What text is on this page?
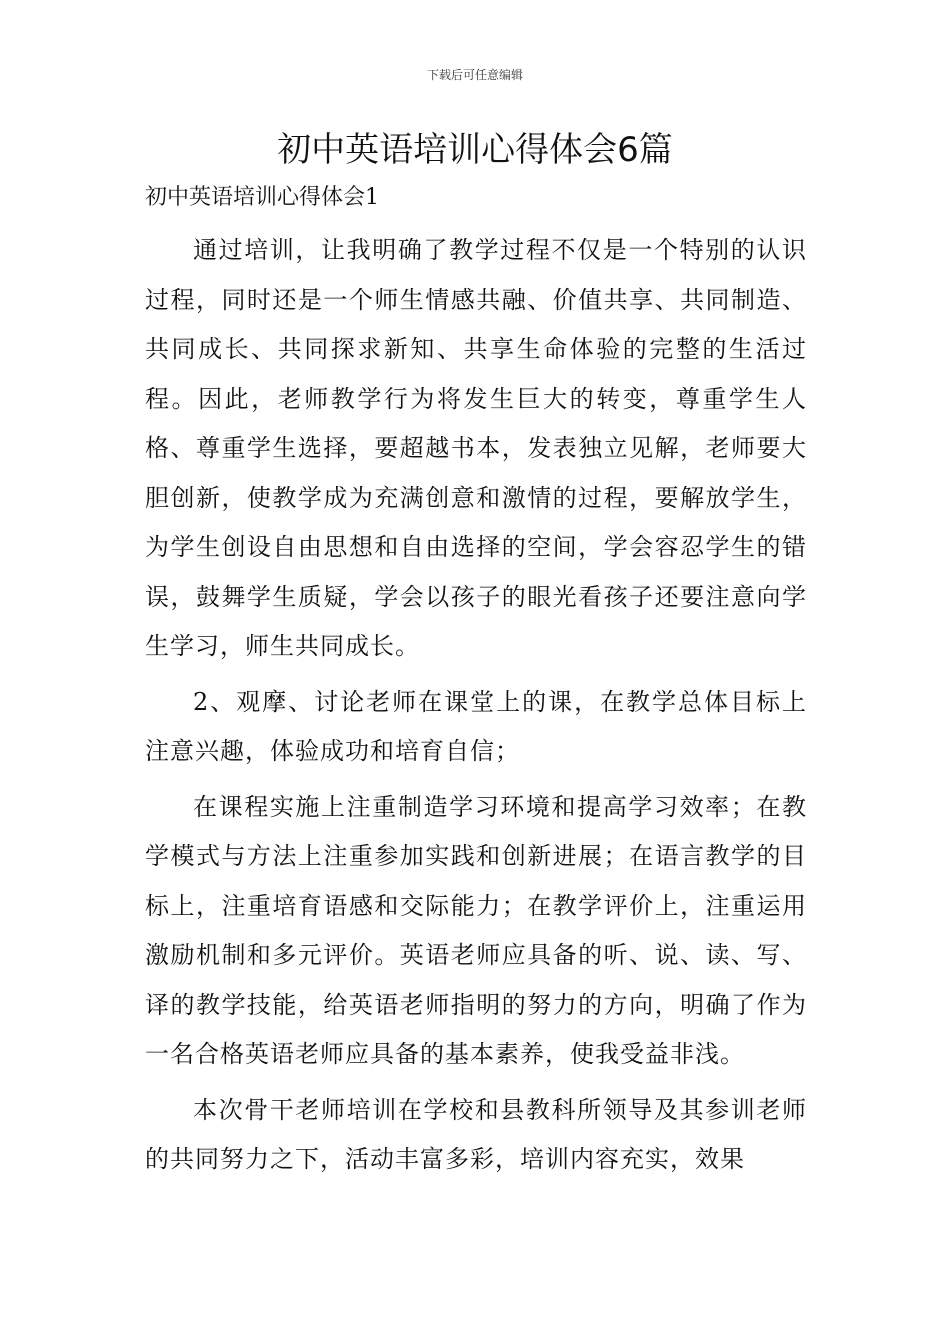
下载后可任意编辑
初中英语培训心得体会6篇
初中英语培训心得体会1

通过培训，让我明确了教学过程不仅是一个特别的认识过程，同时还是一个师生情感共融、价值共享、共同制造、共同成长、共同探求新知、共享生命体验的完整的生活过程。因此，老师教学行为将发生巨大的转变，尊重学生人格、尊重学生选择，要超越书本，发表独立见解，老师要大胆创新，使教学成为充满创意和激情的过程，要解放学生，为学生创设自由思想和自由选择的空间，学会容忍学生的错误，鼓舞学生质疑，学会以孩子的眼光看孩子还要注意向学生学习，师生共同成长。

2、观摩、讨论老师在课堂上的课，在教学总体目标上注意兴趣，体验成功和培育自信；

在课程实施上注重制造学习环境和提高学习效率；在教学模式与方法上注重参加实践和创新进展；在语言教学的目标上，注重培育语感和交际能力；在教学评价上，注重运用激励机制和多元评价。英语老师应具备的听、说、读、写、译的教学技能，给英语老师指明的努力的方向，明确了作为一名合格英语老师应具备的基本素养，使我受益非浅。

本次骨干老师培训在学校和县教科所领导及其参训老师的共同努力之下，活动丰富多彩，培训内容充实，效果
